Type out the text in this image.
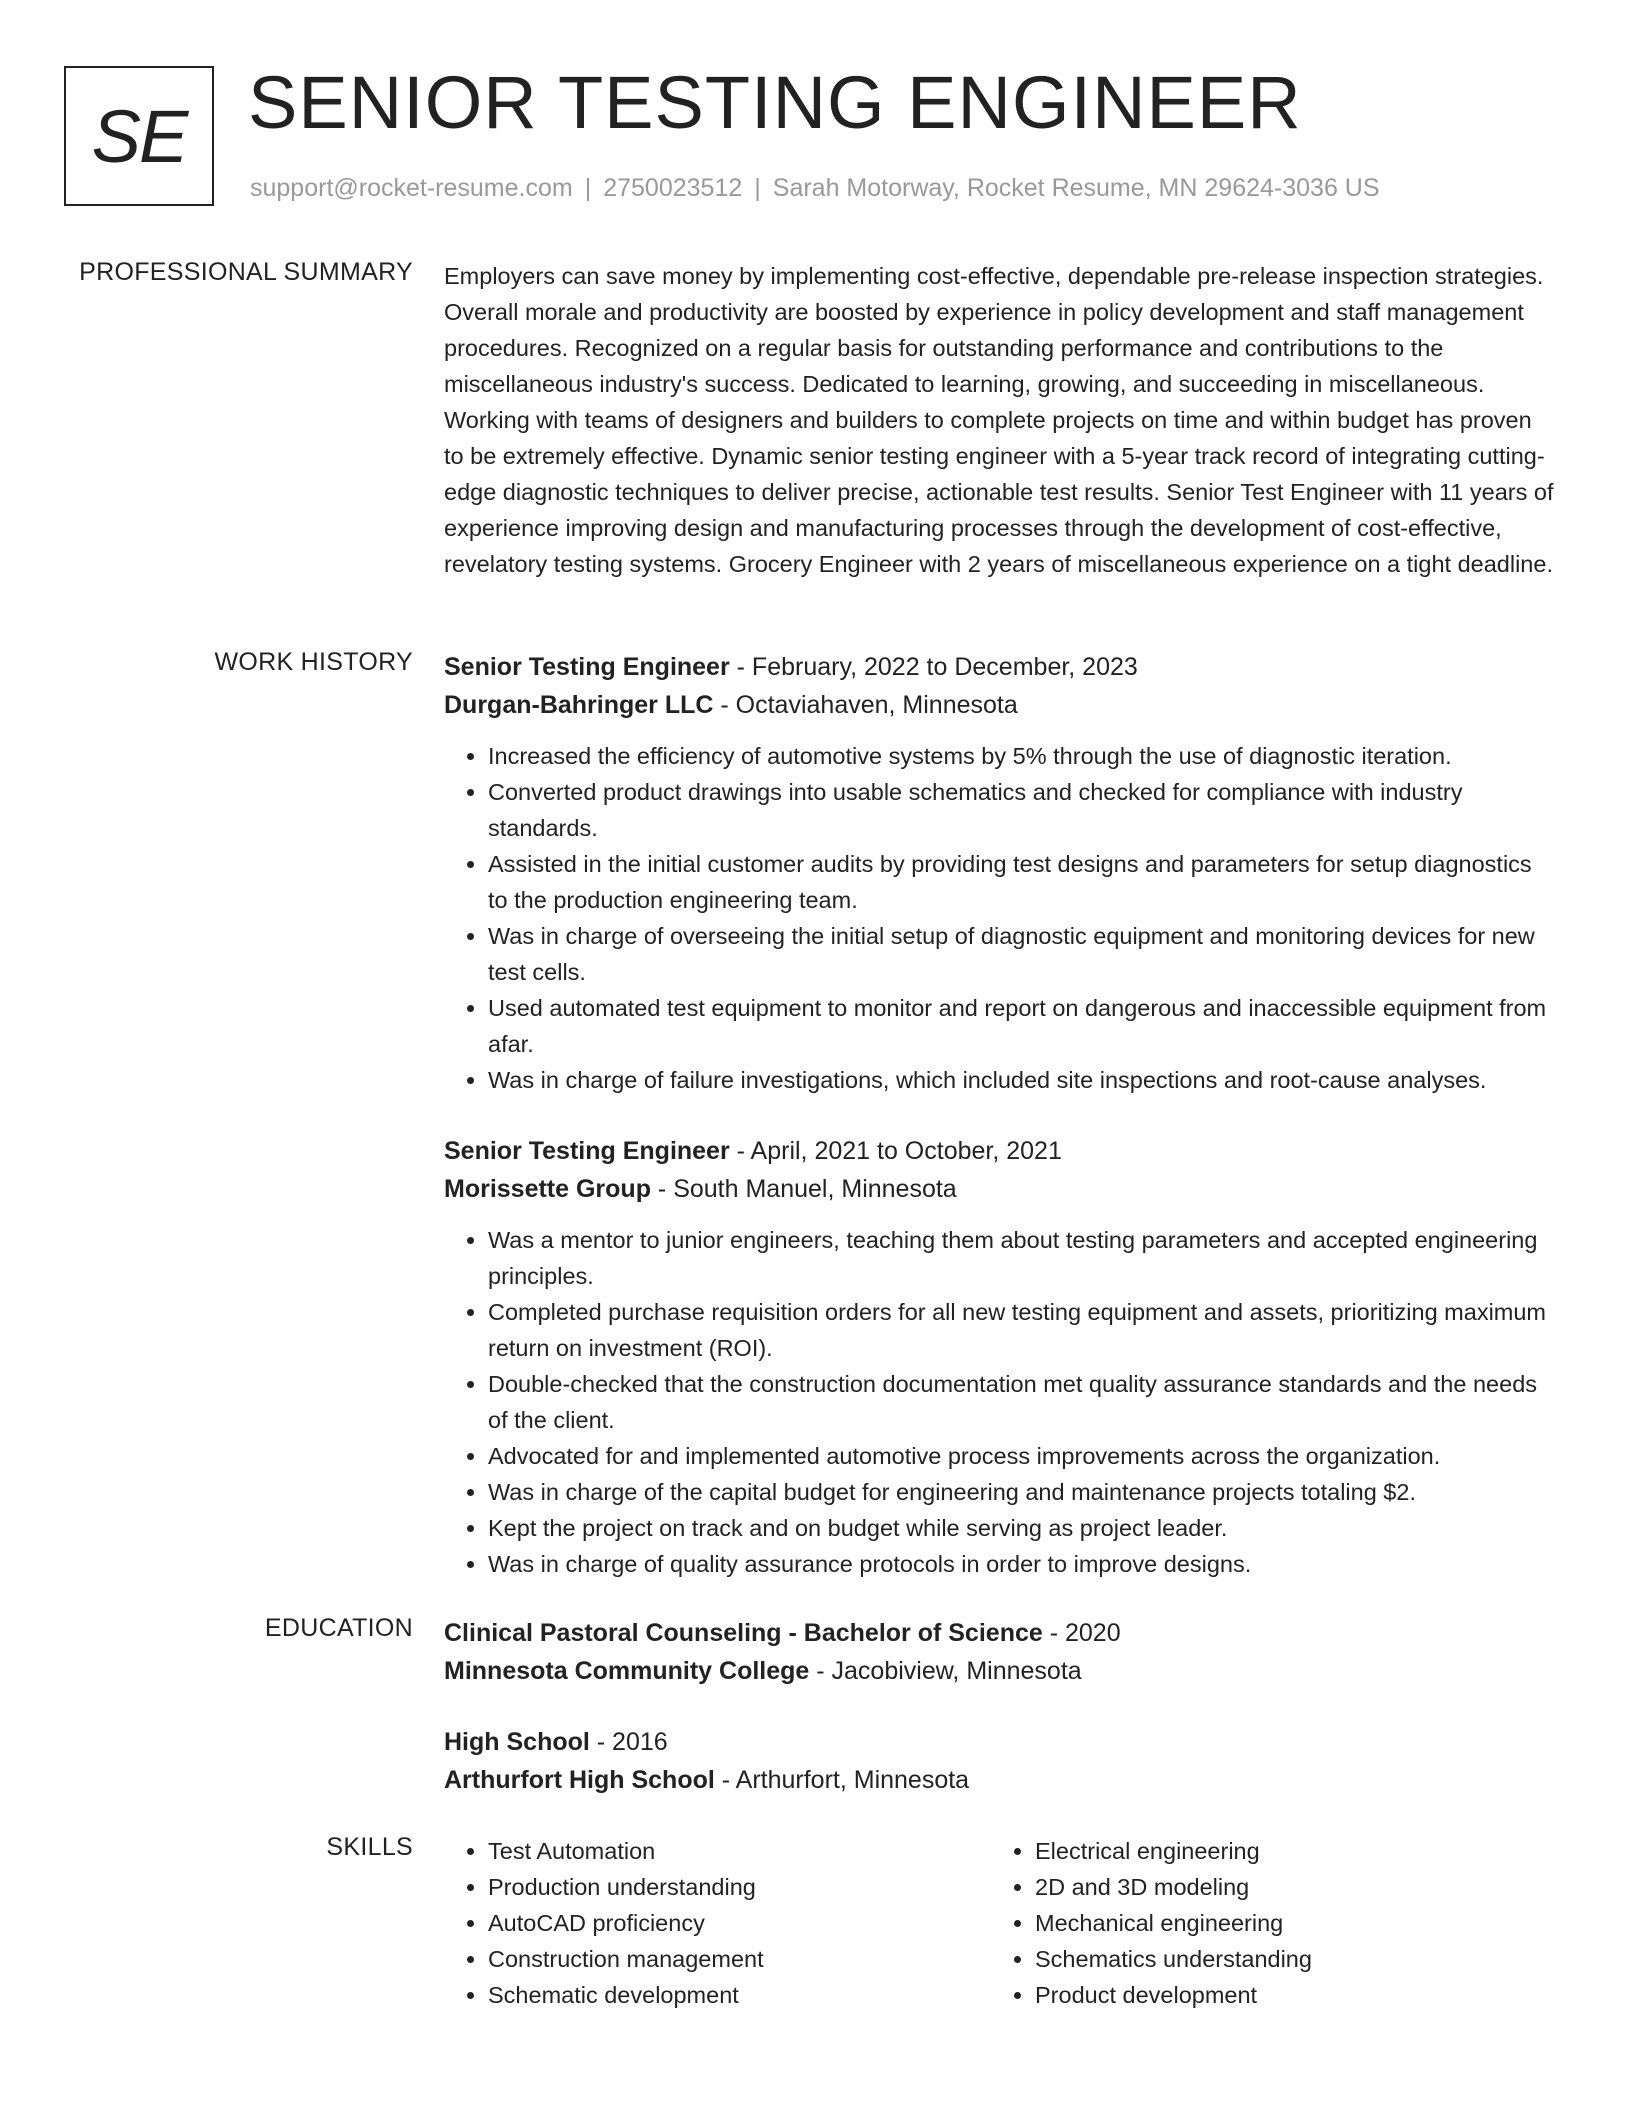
SE SENIOR TESTING ENGINEER
support@rocket-resume.com | 2750023512 | Sarah Motorway, Rocket Resume, MN 29624-3036 US
PROFESSIONAL SUMMARY Employers can save money by implementing cost-effective, dependable pre-release inspection strategies. Overall morale and productivity are boosted by experience in policy development and staff management procedures. Recognized on a regular basis for outstanding performance and contributions to the miscellaneous industry's success. Dedicated to learning, growing, and succeeding in miscellaneous. Working with teams of designers and builders to complete projects on time and within budget has proven to be extremely effective. Dynamic senior testing engineer with a 5-year track record of integrating cutting-edge diagnostic techniques to deliver precise, actionable test results. Senior Test Engineer with 11 years of experience improving design and manufacturing processes through the development of cost-effective, revelatory testing systems. Grocery Engineer with 2 years of miscellaneous experience on a tight deadline.

WORK HISTORY Senior Testing Engineer - February, 2022 to December, 2023
Durgan-Bahringer LLC - Octaviahaven, Minnesota
• Increased the efficiency of automotive systems by 5% through the use of diagnostic iteration.
• Converted product drawings into usable schematics and checked for compliance with industry standards.
• Assisted in the initial customer audits by providing test designs and parameters for setup diagnostics to the production engineering team.
• Was in charge of overseeing the initial setup of diagnostic equipment and monitoring devices for new test cells.
• Used automated test equipment to monitor and report on dangerous and inaccessible equipment from afar.
• Was in charge of failure investigations, which included site inspections and root-cause analyses.
Senior Testing Engineer - April, 2021 to October, 2021
Morissette Group - South Manuel, Minnesota
• Was a mentor to junior engineers, teaching them about testing parameters and accepted engineering principles.
• Completed purchase requisition orders for all new testing equipment and assets, prioritizing maximum return on investment (ROI).
• Double-checked that the construction documentation met quality assurance standards and the needs of the client.
• Advocated for and implemented automotive process improvements across the organization.
• Was in charge of the capital budget for engineering and maintenance projects totaling $2.
• Kept the project on track and on budget while serving as project leader.
• Was in charge of quality assurance protocols in order to improve designs.
EDUCATION Clinical Pastoral Counseling - Bachelor of Science - 2020
Minnesota Community College - Jacobiview, Minnesota
High School - 2016
Arthurfort High School - Arthurfort, Minnesota
SKILLS
•	Test Automation
• Production understanding
• AutoCAD proficiency
• Construction management
• Schematic development
• Electrical engineering
• 2D and 3D modeling
• Mechanical engineering
• Schematics understanding
• Product development
